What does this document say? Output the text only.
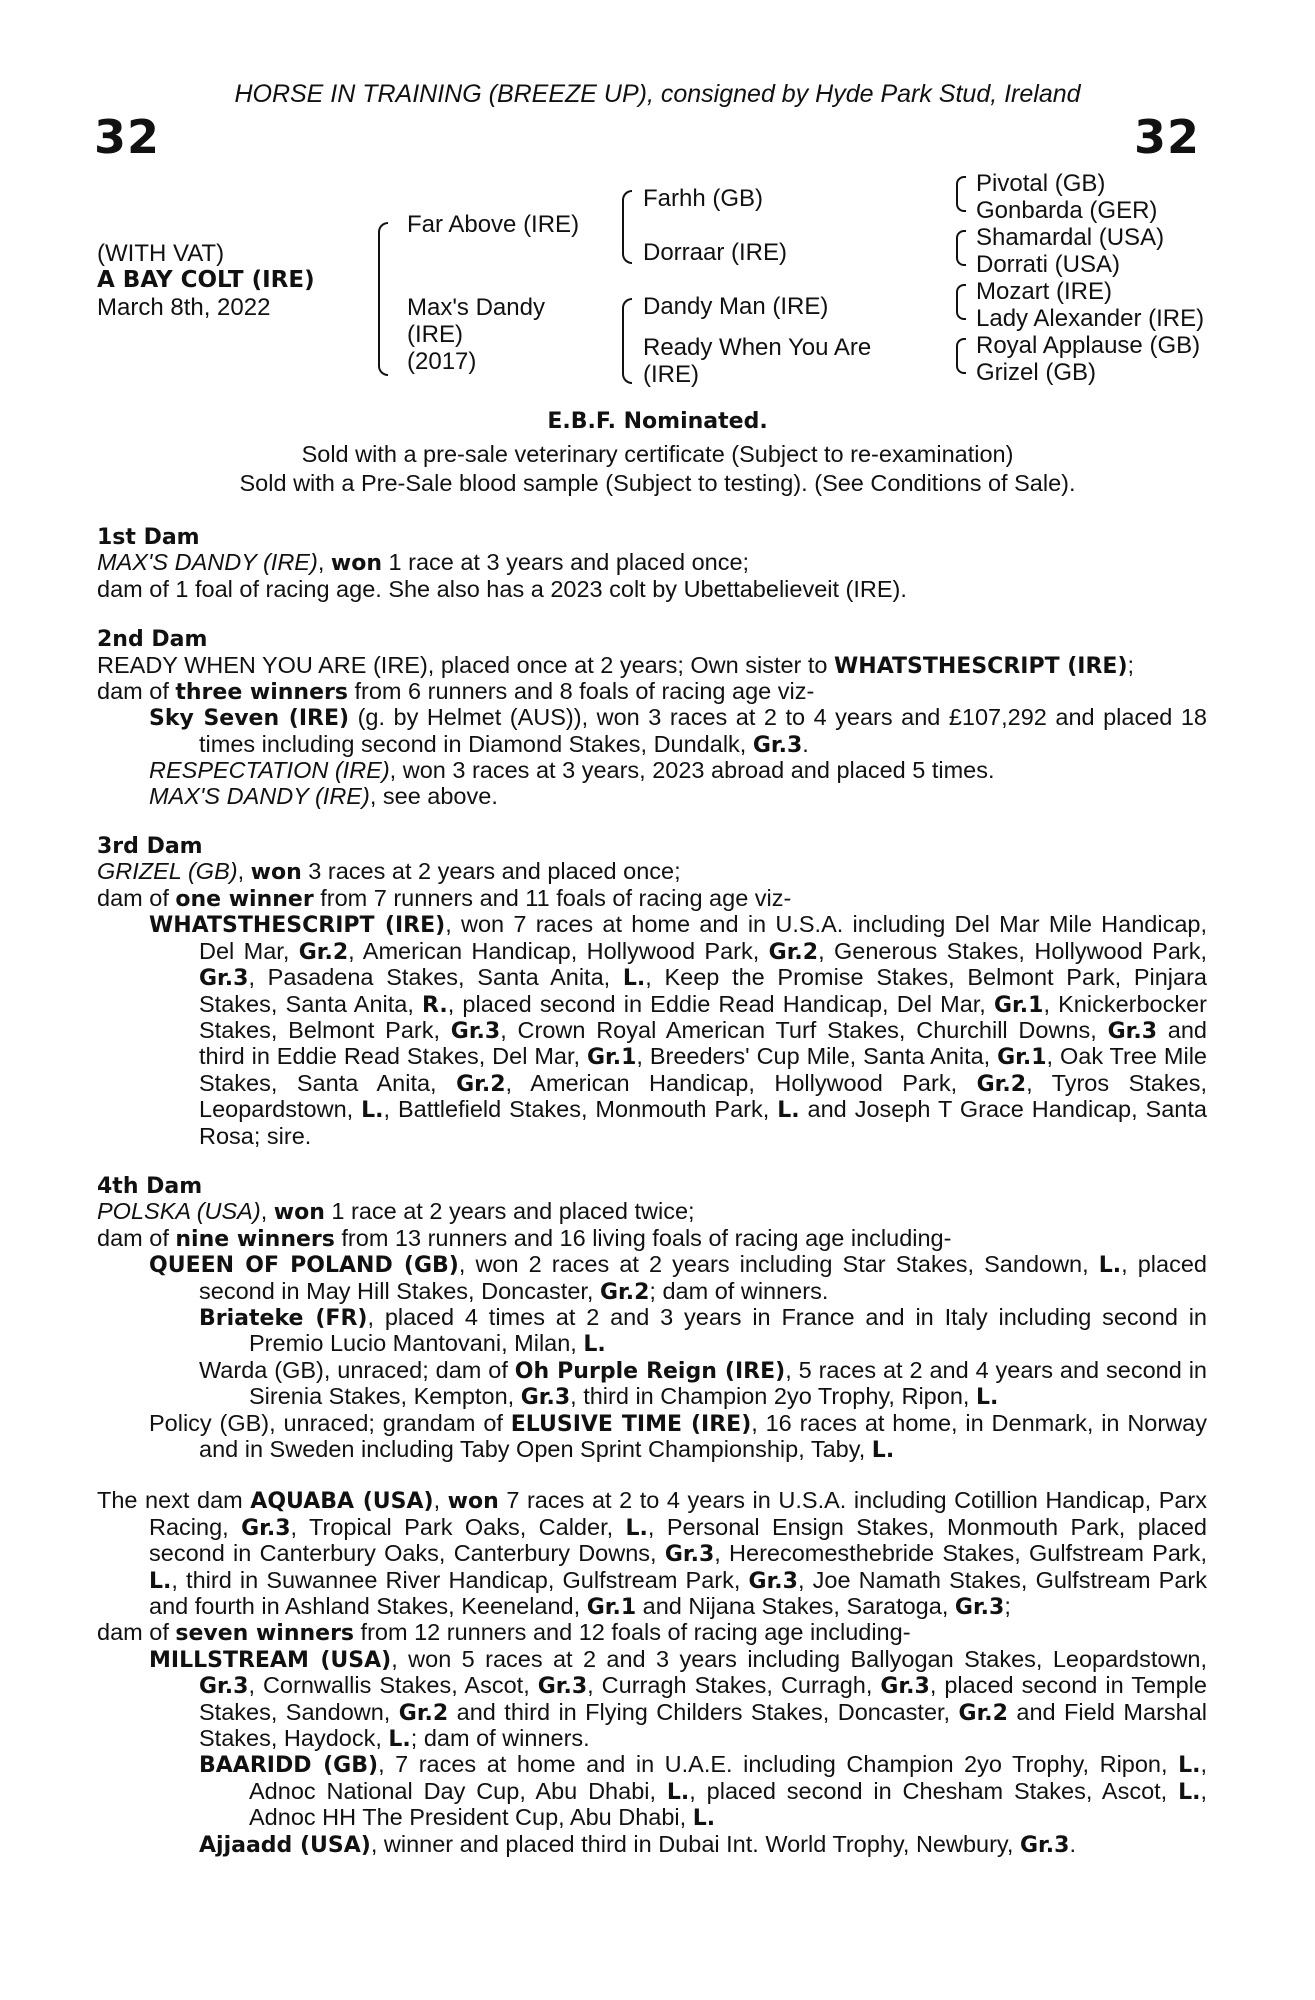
HORSE IN TRAINING (BREEZE UP), consigned by Hyde Park Stud, Ireland
32	32
(WITH VAT)
A BAY COLT (IRE)
March 8th, 2022
Far Above (IRE)
Max's Dandy
(IRE)
(2017)
Farhh (GB)
Dorraar (IRE)
Dandy Man (IRE)
Ready When You Are
(IRE)
Pivotal (GB)
Gonbarda (GER)
Shamardal (USA)
Dorrati (USA)
Mozart (IRE)
Lady Alexander (IRE)
Royal Applause (GB)
Grizel (GB)
E.B.F. Nominated.
Sold with a pre-sale veterinary certificate (Subject to re-examination)
Sold with a Pre-Sale blood sample (Subject to testing). (See Conditions of Sale).

1st Dam

MAX'S DANDY (IRE), won 1 race at 3 years and placed once;

dam of 1 foal of racing age. She also has a 2023 colt by Ubettabelieveit (IRE).

2nd Dam

READY WHEN YOU ARE (IRE), placed once at 2 years; Own sister to WHATSTHESCRIPT (IRE);

dam of three winners from 6 runners and 8 foals of racing age viz-

Sky Seven (IRE) (g. by Helmet (AUS)), won 3 races at 2 to 4 years and £107,292 and placed 18 times including second in Diamond Stakes, Dundalk, Gr.3.

RESPECTATION (IRE), won 3 races at 3 years, 2023 abroad and placed 5 times.

MAX'S DANDY (IRE), see above.

3rd Dam

GRIZEL (GB), won 3 races at 2 years and placed once;

dam of one winner from 7 runners and 11 foals of racing age viz-

WHATSTHESCRIPT (IRE), won 7 races at home and in U.S.A. including Del Mar Mile Handicap, Del Mar, Gr.2, American Handicap, Hollywood Park, Gr.2, Generous Stakes, Hollywood Park, Gr.3, Pasadena Stakes, Santa Anita, L., Keep the Promise Stakes, Belmont Park, Pinjara Stakes, Santa Anita, R., placed second in Eddie Read Handicap, Del Mar, Gr.1, Knickerbocker Stakes, Belmont Park, Gr.3, Crown Royal American Turf Stakes, Churchill Downs, Gr.3 and third in Eddie Read Stakes, Del Mar, Gr.1, Breeders' Cup Mile, Santa Anita, Gr.1, Oak Tree Mile Stakes, Santa Anita, Gr.2, American Handicap, Hollywood Park, Gr.2, Tyros Stakes, Leopardstown, L., Battlefield Stakes, Monmouth Park, L. and Joseph T Grace Handicap, Santa Rosa; sire.

4th Dam

POLSKA (USA), won 1 race at 2 years and placed twice;

dam of nine winners from 13 runners and 16 living foals of racing age including-

QUEEN OF POLAND (GB), won 2 races at 2 years including Star Stakes, Sandown, L., placed second in May Hill Stakes, Doncaster, Gr.2; dam of winners.

Briateke (FR), placed 4 times at 2 and 3 years in France and in Italy including second in Premio Lucio Mantovani, Milan, L.

Warda (GB), unraced; dam of Oh Purple Reign (IRE), 5 races at 2 and 4 years and second in Sirenia Stakes, Kempton, Gr.3, third in Champion 2yo Trophy, Ripon, L.

Policy (GB), unraced; grandam of ELUSIVE TIME (IRE), 16 races at home, in Denmark, in Norway and in Sweden including Taby Open Sprint Championship, Taby, L.

The next dam AQUABA (USA), won 7 races at 2 to 4 years in U.S.A. including Cotillion Handicap, Parx Racing, Gr.3, Tropical Park Oaks, Calder, L., Personal Ensign Stakes, Monmouth Park, placed second in Canterbury Oaks, Canterbury Downs, Gr.3, Herecomesthebride Stakes, Gulfstream Park, L., third in Suwannee River Handicap, Gulfstream Park, Gr.3, Joe Namath Stakes, Gulfstream Park and fourth in Ashland Stakes, Keeneland, Gr.1 and Nijana Stakes, Saratoga, Gr.3;

dam of seven winners from 12 runners and 12 foals of racing age including-

MILLSTREAM (USA), won 5 races at 2 and 3 years including Ballyogan Stakes, Leopardstown, Gr.3, Cornwallis Stakes, Ascot, Gr.3, Curragh Stakes, Curragh, Gr.3, placed second in Temple Stakes, Sandown, Gr.2 and third in Flying Childers Stakes, Doncaster, Gr.2 and Field Marshal Stakes, Haydock, L.; dam of winners.

BAARIDD (GB), 7 races at home and in U.A.E. including Champion 2yo Trophy, Ripon, L., Adnoc National Day Cup, Abu Dhabi, L., placed second in Chesham Stakes, Ascot, L., Adnoc HH The President Cup, Abu Dhabi, L.

Ajjaadd (USA), winner and placed third in Dubai Int. World Trophy, Newbury, Gr.3.
